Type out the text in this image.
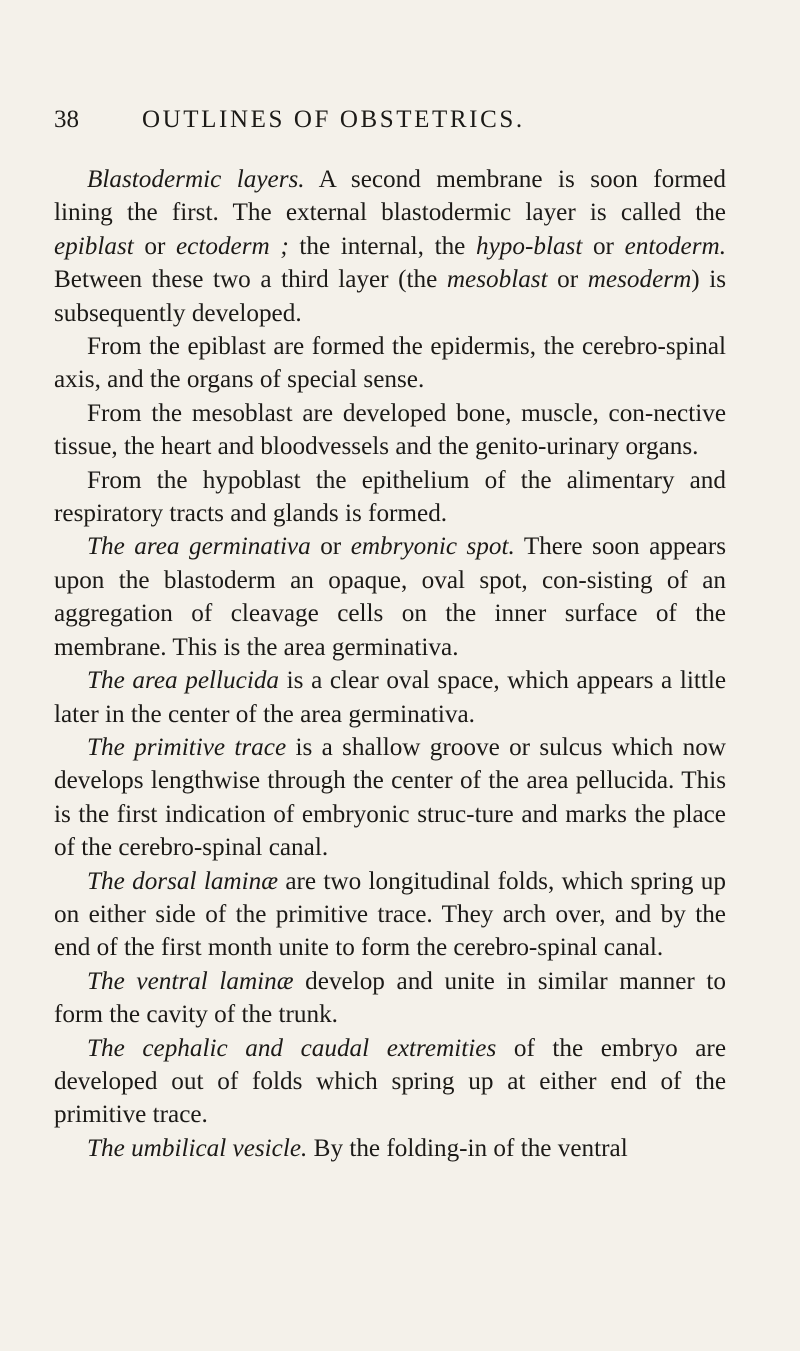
38	OUTLINES OF OBSTETRICS.

Blastodermic layers. A second membrane is soon formed lining the first. The external blastodermic layer is called the epiblast or ectoderm ; the internal, the hypo-blast or entoderm. Between these two a third layer (the mesoblast or mesoderm) is subsequently developed.

From the epiblast are formed the epidermis, the cerebro-spinal axis, and the organs of special sense.

From the mesoblast are developed bone, muscle, con-nective tissue, the heart and bloodvessels and the genito-urinary organs.

From the hypoblast the epithelium of the alimentary and respiratory tracts and glands is formed.

The area germinativa or embryonic spot. There soon appears upon the blastoderm an opaque, oval spot, con-sisting of an aggregation of cleavage cells on the inner surface of the membrane. This is the area germinativa.

The area pellucida is a clear oval space, which appears a little later in the center of the area germinativa.

The primitive trace is a shallow groove or sulcus which now develops lengthwise through the center of the area pellucida. This is the first indication of embryonic struc-ture and marks the place of the cerebro-spinal canal.

The dorsal laminæ are two longitudinal folds, which spring up on either side of the primitive trace. They arch over, and by the end of the first month unite to form the cerebro-spinal canal.

The ventral laminæ develop and unite in similar manner to form the cavity of the trunk.

The cephalic and caudal extremities of the embryo are developed out of folds which spring up at either end of the primitive trace.

The umbilical vesicle. By the folding-in of the ventral
